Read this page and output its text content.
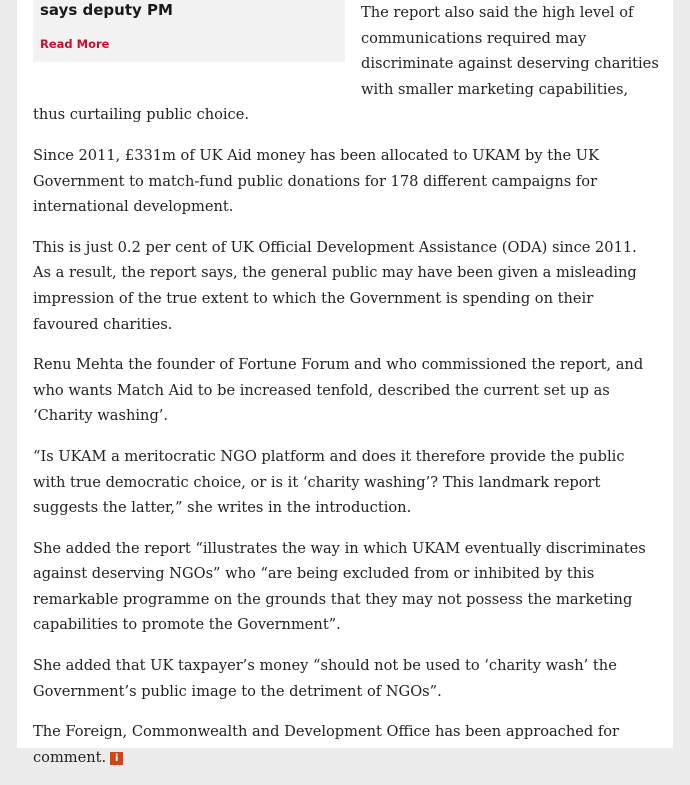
The report also said the high level of communications required may discriminate against deserving charities with smaller marketing capabilities, thus curtailing public choice.

Since 2011, £331m of UK Aid money has been allocated to UKAM by the UK Government to match-fund public donations for 178 different campaigns for international development.

This is just 0.2 per cent of UK Official Development Assistance (ODA) since 2011. As a result, the report says, the general public may have been given a misleading impression of the true extent to which the Government is spending on their favoured charities.

Renu Mehta the founder of Fortune Forum and who commissioned the report, and who wants Match Aid to be increased tenfold, described the current set up as ‘Charity washing’.

“Is UKAM a meritocratic NGO platform and does it therefore provide the public with true democratic choice, or is it ‘charity washing’? This landmark report suggests the latter,” she writes in the introduction.

She added the report “illustrates the way in which UKAM eventually discriminates against deserving NGOs” who “are being excluded from or inhibited by this remarkable programme on the grounds that they may not possess the marketing capabilities to promote the Government”.

She added that UK taxpayer’s money “should not be used to ‘charity wash’ the Government’s public image to the detriment of NGOs”.

The Foreign, Commonwealth and Development Office has been approached for comment. i

says deputy PM
Read More
